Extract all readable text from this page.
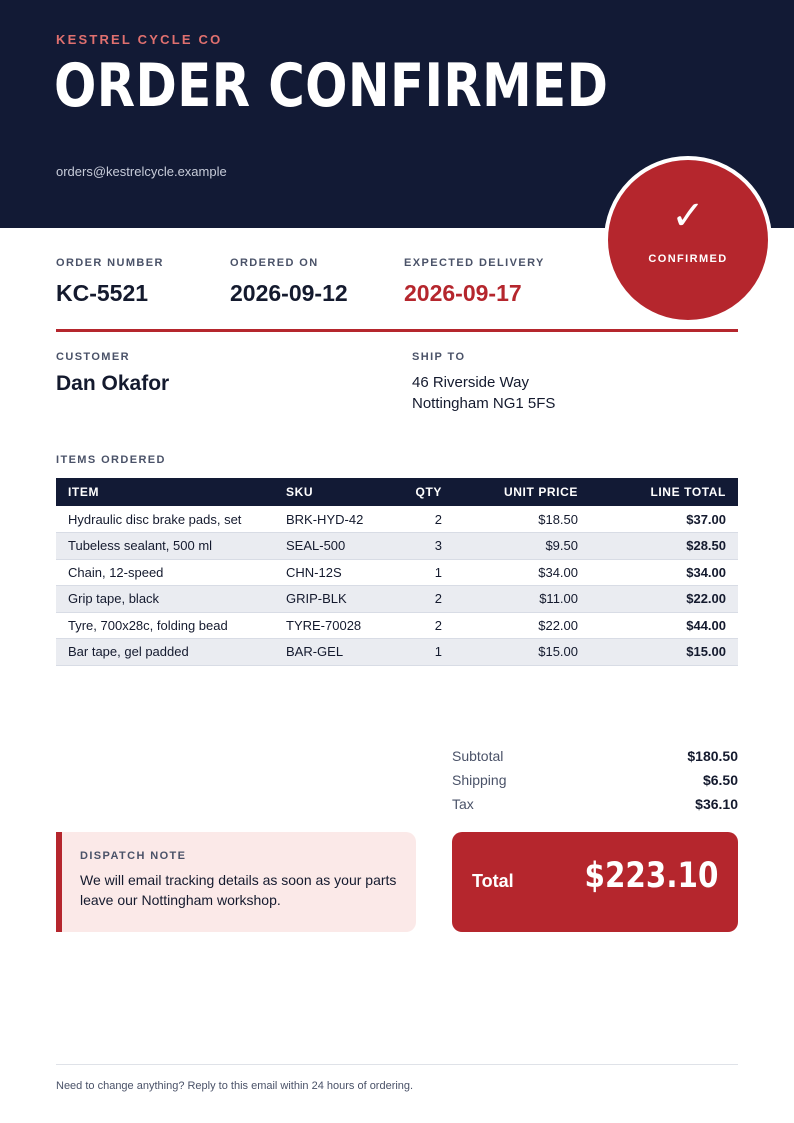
KESTREL CYCLE CO
ORDER CONFIRMED
orders@kestrelcycle.example
✓
CONFIRMED
ORDER NUMBER
KC-5521
ORDERED ON
2026-09-12
EXPECTED DELIVERY
2026-09-17
CUSTOMER
Dan Okafor
SHIP TO
46 Riverside Way
Nottingham NG1 5FS
ITEMS ORDERED
ITEM	SKU	QTY	UNIT PRICE	LINE TOTAL
Hydraulic disc brake pads, set	BRK-HYD-42	2	$18.50	$37.00
Tubeless sealant, 500 ml	SEAL-500	3	$9.50	$28.50
Chain, 12-speed	CHN-12S	1	$34.00	$34.00
Grip tape, black	GRIP-BLK	2	$11.00	$22.00
Tyre, 700x28c, folding bead	TYRE-70028	2	$22.00	$44.00
Bar tape, gel padded	BAR-GEL	1	$15.00	$15.00
Subtotal	$180.50
Shipping	$6.50
Tax	$36.10
DISPATCH NOTE
We will email tracking details as soon as your parts leave our Nottingham workshop.
Total $223.10
Need to change anything? Reply to this email within 24 hours of ordering.
